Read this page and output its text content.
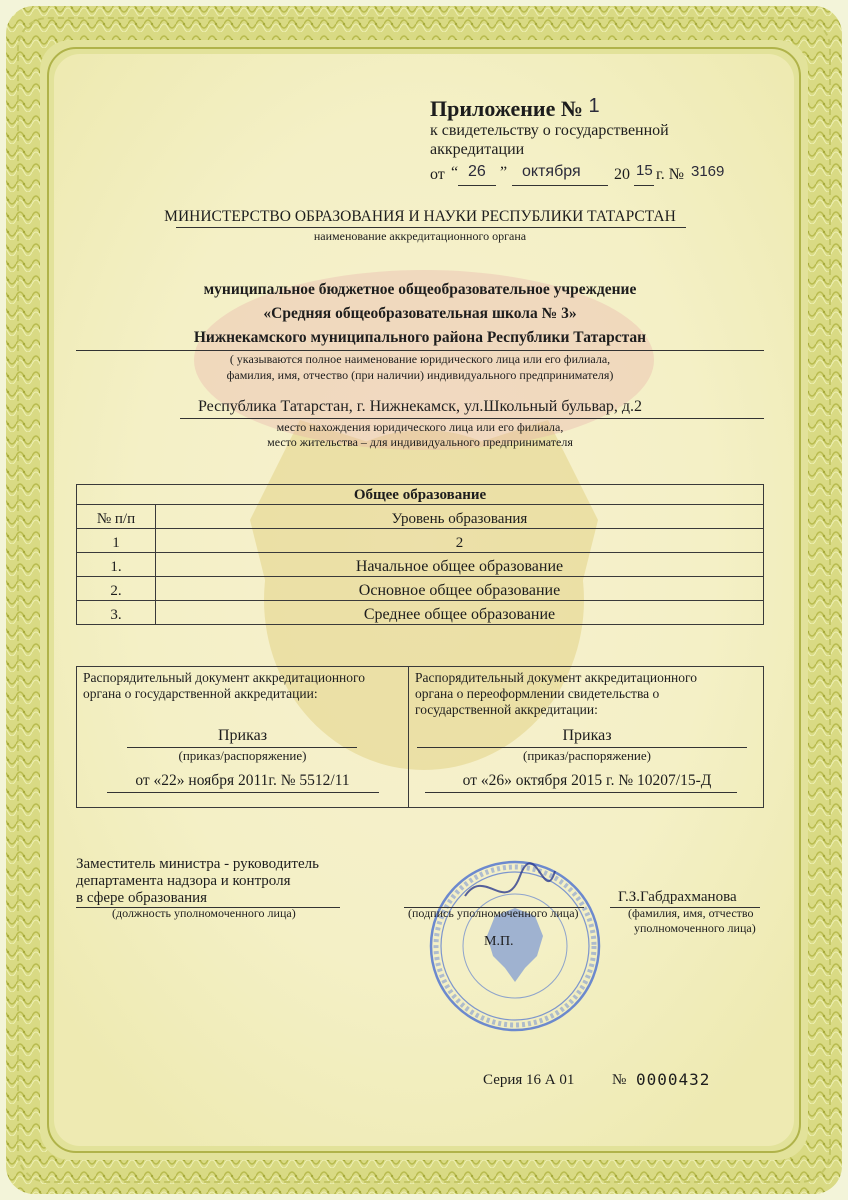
Приложение № 1
к свидетельству о государственной
аккредитации
от “ 26 ” октября 20 15 г. № 3169
МИНИСТЕРСТВО ОБРАЗОВАНИЯ И НАУКИ РЕСПУБЛИКИ ТАТАРСТАН
наименование аккредитационного органа
муниципальное бюджетное общеобразовательное учреждение
«Средняя общеобразовательная школа № 3»
Нижнекамского муниципального района Республики Татарстан
( указываются полное наименование юридического лица или его филиала,
фамилия, имя, отчество (при наличии) индивидуального предпринимателя)
Республика Татарстан, г. Нижнекамск, ул.Школьный бульвар, д.2
место нахождения юридического лица или его филиала,
место жительства – для индивидуального предпринимателя
Общее образование	
№ п/п	Уровень образования
1	2
1.	Начальное общее образование
2.	Основное общее образование
3.	Среднее общее образование
Распорядительный документ аккредитационного
органа о государственной аккредитации:
Приказ
(приказ/распоряжение)
от «22» ноября 2011г. № 5512/11
Распорядительный документ аккредитационного
органа о переоформлении свидетельства о
государственной аккредитации:
Приказ
(приказ/распоряжение)
от «26» октября 2015 г. № 10207/15-Д
Заместитель министра - руководитель
департамента надзора и контроля
в сфере образования
(должность уполномоченного лица)
М.П.
(подпись уполномоченного лица)
Г.З.Габдрахманова
(фамилия, имя, отчество
уполномоченного лица)
Серия 16 А 01	№ 0000432
